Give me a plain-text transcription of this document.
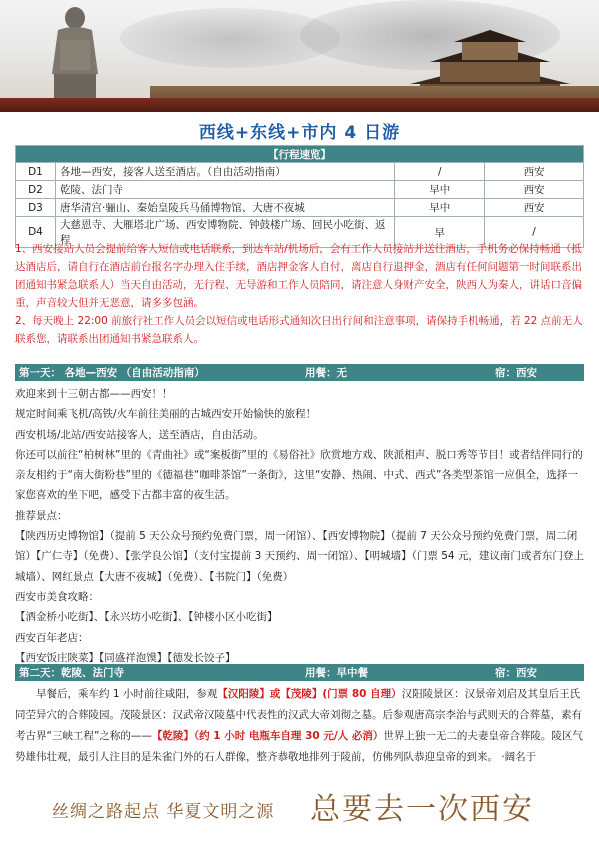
西线+东线+市内 4 日游
【行程速览】			
D1	各地—西安，接客人送至酒店。（自由活动指南）	/	西安
D2	乾陵、法门寺	早中	西安
D3	唐华清宫·骊山、秦始皇陵兵马俑博物馆、大唐不夜城	早中	西安
D4	大慈恩寺、大雁塔北广场、西安博物院、钟鼓楼广场、回民小吃街、返程	早	/
1、西安接站人员会提前给客人短信或电话联系，到达车站/机场后，会有工作人员接站并送往酒店，手机务必保持畅通（抵达酒店后，请自行在酒店前台报名字办理入住手续，酒店押金客人自付，离店自行退押金，酒店有任何问题第一时间联系出团通知书紧急联系人）当天自由活动，无行程、无导游和工作人员陪同，请注意人身财产安全，陕西人为秦人，讲话口音偏重，声音较大但并无恶意，请多多包涵。
2、每天晚上 22:00 前旅行社工作人员会以短信或电话形式通知次日出行间和注意事项，请保持手机畅通，若 22 点前无人联系您，请联系出团通知书紧急联系人。
第一天： 各地—西安 （自由活动指南）	用餐：无	宿：西安

欢迎来到十三朝古都——西安！！

规定时间乘飞机/高铁/火车前往美丽的古城西安开始愉快的旅程！

西安机场/北站/西安站接客人，送至酒店，自由活动。

你还可以前往“柏树林”里的《青曲社》或“案板街”里的《易俗社》欣赏地方戏、陕派相声、脱口秀等节目！或者结伴同行的亲友相约于“南大街粉巷”里的《德福巷“咖啡茶馆”一条街》，这里“安静、热闹、中式、西式”各类型茶馆一应俱全，选择一家您喜欢的坐下吧，感受下古都丰富的夜生活。

推荐景点：

【陕西历史博物馆】（提前 5 天公众号预约免费门票，周一闭馆）、【西安博物院】（提前 7 天公众号预约免费门票，周二闭馆）【广仁寺】（免费）、【张学良公馆】（支付宝提前 3 天预约、周一闭馆）、【明城墙】（门票 54 元，建议南门或者东门登上城墙）、网红景点【大唐不夜城】（免费）、【书院门】（免费）

西安市美食攻略：

【洒金桥小吃街】、【永兴坊小吃街】、【钟楼小区小吃街】

西安百年老店：

【西安饭庄陕菜】【同盛祥泡馍】【德发长饺子】

第二天：乾陵、法门寺	用餐：早中餐	宿：西安

早餐后，乘车约 1 小时前往咸阳，参观【汉阳陵】或【茂陵】(门票 80 自理）汉阳陵景区：汉景帝刘启及其皇后王氏同茔异穴的合葬陵园。茂陵景区：汉武帝汉陵墓中代表性的汉武大帝刘彻之墓。后参观唐高宗李治与武则天的合葬墓，素有考古界“三峡工程”之称的——【乾陵】（约 1 小时 电瓶车自理 30 元/人 必消）世界上独一无二的夫妻皇帝合葬陵。陵区气势雄伟壮观，最引人注目的是朱雀门外的石人群像，整齐恭敬地排列于陵前，仿佛列队恭迎皇帝的到来。 ·阔名于

丝绸之路起点 华夏文明之源 总要去一次西安
